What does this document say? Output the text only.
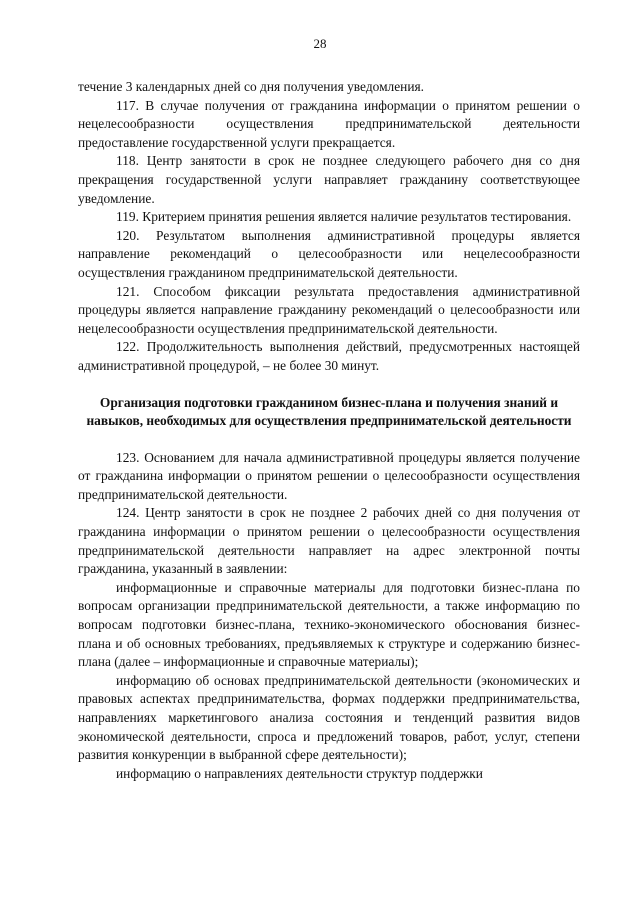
28

течение 3 календарных дней со дня получения уведомления.

117. В случае получения от гражданина информации о принятом решении о нецелесообразности осуществления предпринимательской деятельности предоставление государственной услуги прекращается.

118. Центр занятости в срок не позднее следующего рабочего дня со дня прекращения государственной услуги направляет гражданину соответствующее уведомление.

119. Критерием принятия решения является наличие результатов тестирования.

120. Результатом выполнения административной процедуры является направление рекомендаций о целесообразности или нецелесообразности осуществления гражданином предпринимательской деятельности.

121. Способом фиксации результата предоставления административной процедуры является направление гражданину рекомендаций о целесообразности или нецелесообразности осуществления предпринимательской деятельности.

122. Продолжительность выполнения действий, предусмотренных настоящей административной процедурой, – не более 30 минут.

Организация подготовки гражданином бизнес-плана и получения знаний и навыков, необходимых для осуществления предпринимательской деятельности

123. Основанием для начала административной процедуры является получение от гражданина информации о принятом решении о целесообразности осуществления предпринимательской деятельности.

124. Центр занятости в срок не позднее 2 рабочих дней со дня получения от гражданина информации о принятом решении о целесообразности осуществления предпринимательской деятельности направляет на адрес электронной почты гражданина, указанный в заявлении:

информационные и справочные материалы для подготовки бизнес-плана по вопросам организации предпринимательской деятельности, а также информацию по вопросам подготовки бизнес-плана, технико-экономического обоснования бизнес-плана и об основных требованиях, предъявляемых к структуре и содержанию бизнес-плана (далее – информационные и справочные материалы);

информацию об основах предпринимательской деятельности (экономических и правовых аспектах предпринимательства, формах поддержки предпринимательства, направлениях маркетингового анализа состояния и тенденций развития видов экономической деятельности, спроса и предложений товаров, работ, услуг, степени развития конкуренции в выбранной сфере деятельности);

информацию о направлениях деятельности структур поддержки
